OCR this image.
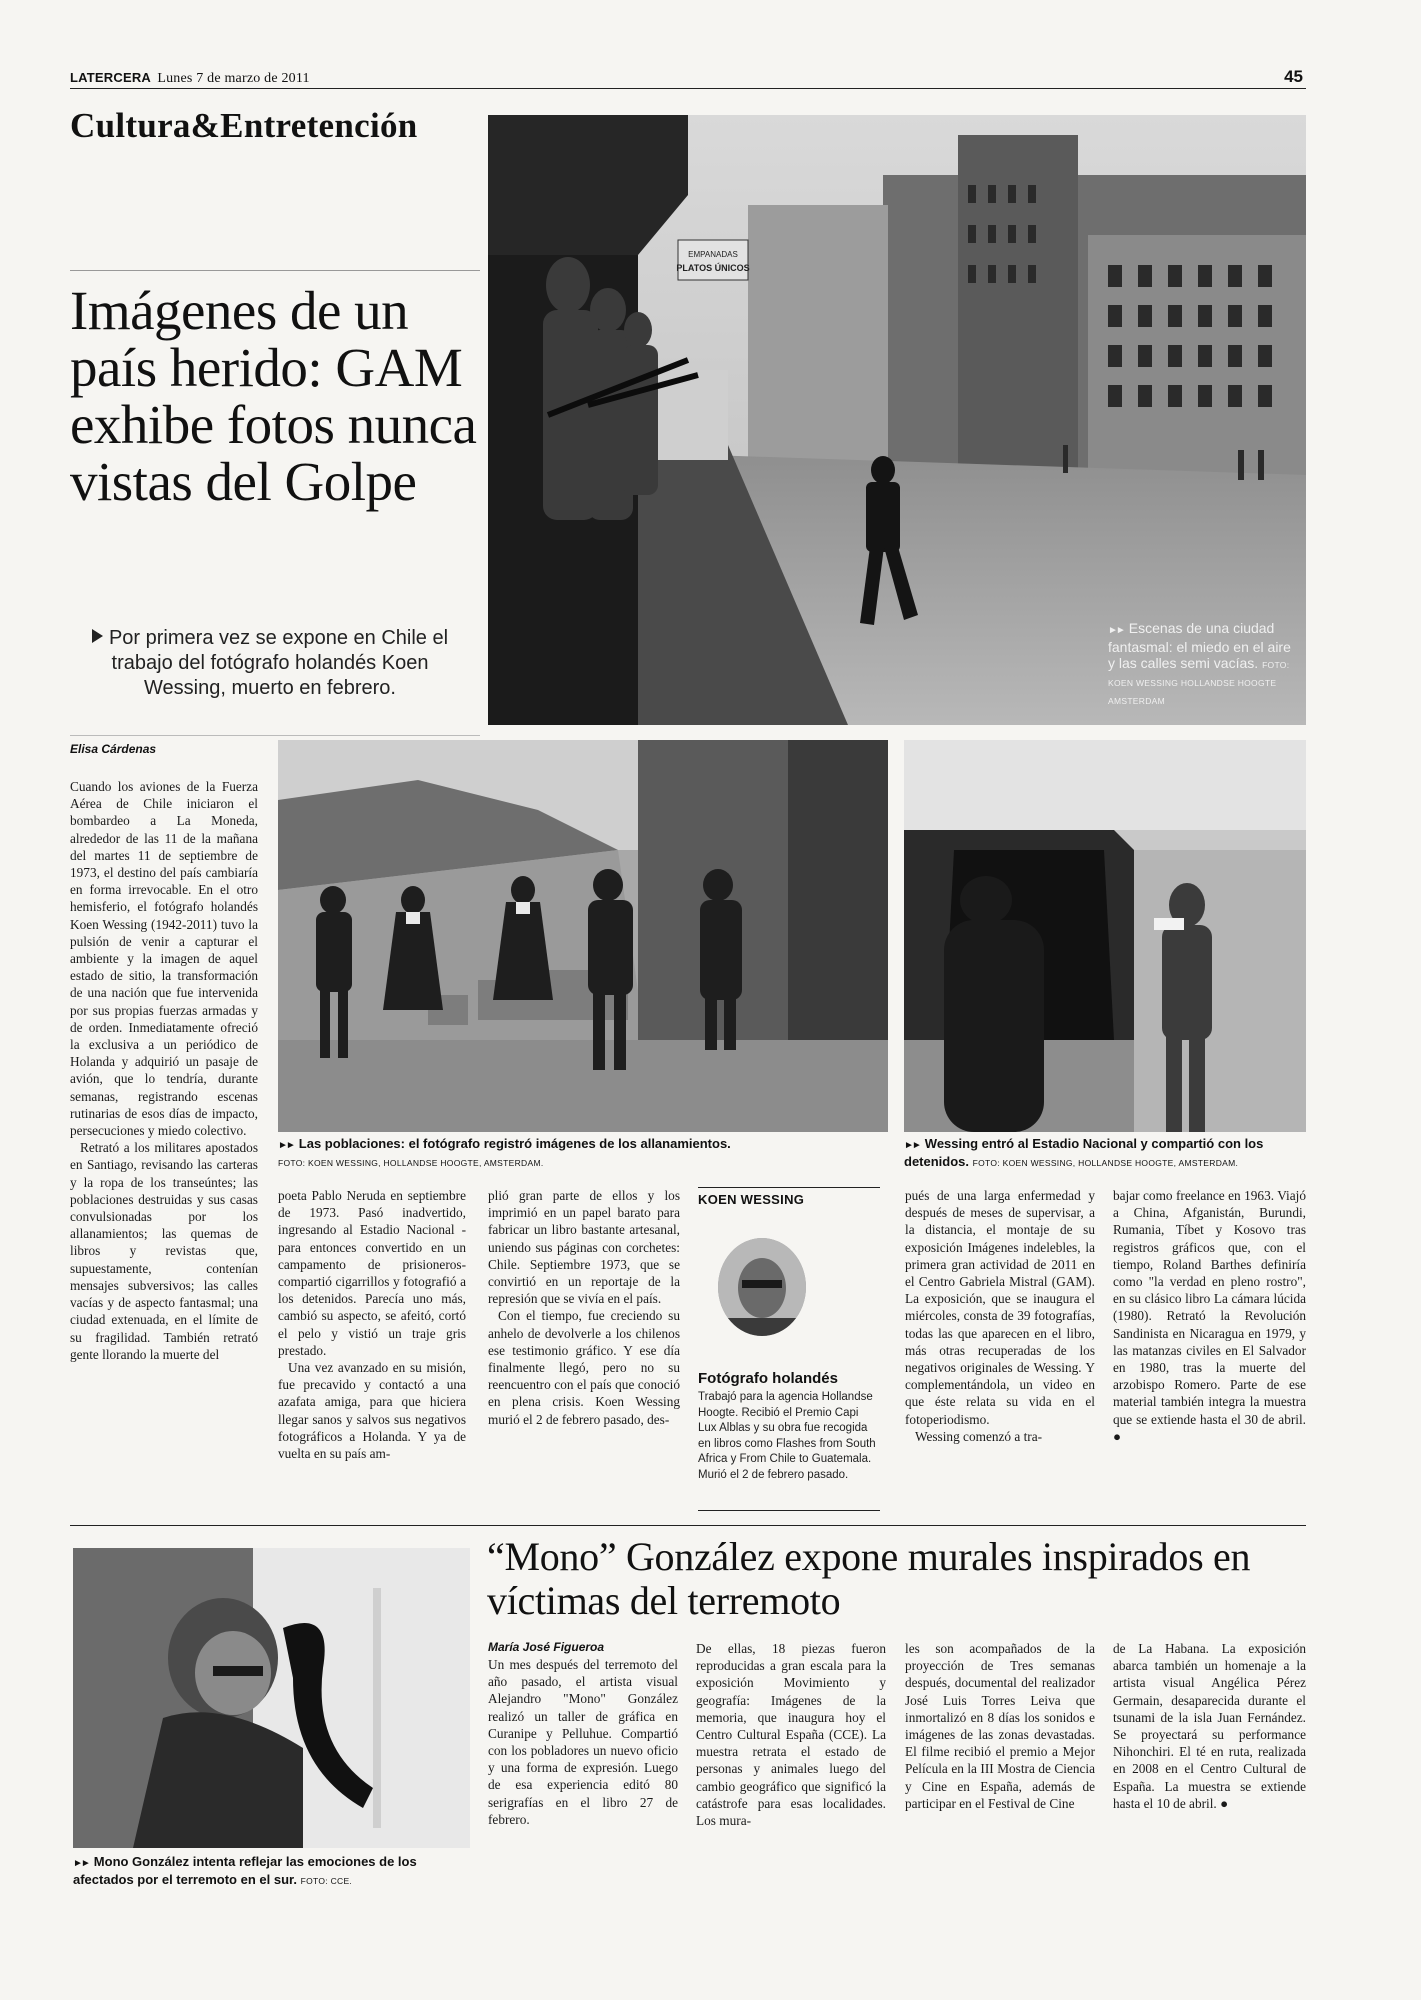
LATERCERA Lunes 7 de marzo de 2011	45
Cultura&Entretención
Imágenes de un país herido: GAM exhibe fotos nunca vistas del Golpe
Por primera vez se expone en Chile el trabajo del fotógrafo holandés Koen Wessing, muerto en febrero.
EMPANADAS
PLATOS ÚNICOS
►► Escenas de una ciudad fantasmal: el miedo en el aire y las calles semi vacías. FOTO: KOEN WESSING HOLLANDSE HOOGTE AMSTERDAM
Elisa Cárdenas

Cuando los aviones de la Fuerza Aérea de Chile iniciaron el bombardeo a La Moneda, alrededor de las 11 de la mañana del martes 11 de septiembre de 1973, el destino del país cambiaría en forma irrevocable. En el otro hemisferio, el fotógrafo holandés Koen Wessing (1942-2011) tuvo la pulsión de venir a capturar el ambiente y la imagen de aquel estado de sitio, la transformación de una nación que fue intervenida por sus propias fuerzas armadas y de orden. Inmediatamente ofreció la exclusiva a un periódico de Holanda y adquirió un pasaje de avión, que lo tendría, durante semanas, registrando escenas rutinarias de esos días de impacto, persecuciones y miedo colectivo.

Retrató a los militares apostados en Santiago, revisando las carteras y la ropa de los transeúntes; las poblaciones destruidas y sus casas convulsionadas por los allanamientos; las quemas de libros y revistas que, supuestamente, contenían mensajes subversivos; las calles vacías y de aspecto fantasmal; una ciudad extenuada, en el límite de su fragilidad. También retrató gente llorando la muerte del

►► Las poblaciones: el fotógrafo registró imágenes de los allanamientos.
FOTO: KOEN WESSING, HOLLANDSE HOOGTE, AMSTERDAM.
►► Wessing entró al Estadio Nacional y compartió con los detenidos. FOTO: KOEN WESSING, HOLLANDSE HOOGTE, AMSTERDAM.

poeta Pablo Neruda en septiembre de 1973. Pasó inadvertido, ingresando al Estadio Nacional -para entonces convertido en un campamento de prisioneros- compartió cigarrillos y fotografió a los detenidos. Parecía uno más, cambió su aspecto, se afeitó, cortó el pelo y vistió un traje gris prestado.

Una vez avanzado en su misión, fue precavido y contactó a una azafata amiga, para que hiciera llegar sanos y salvos sus negativos fotográficos a Holanda. Y ya de vuelta en su país am-

plió gran parte de ellos y los imprimió en un papel barato para fabricar un libro bastante artesanal, uniendo sus páginas con corchetes: Chile. Septiembre 1973, que se convirtió en un reportaje de la represión que se vivía en el país.

Con el tiempo, fue creciendo su anhelo de devolverle a los chilenos ese testimonio gráfico. Y ese día finalmente llegó, pero no su reencuentro con el país que conoció en plena crisis. Koen Wessing murió el 2 de febrero pasado, des-

KOEN WESSING
Fotógrafo holandés
Trabajó para la agencia Hollandse Hoogte. Recibió el Premio Capi Lux Alblas y su obra fue recogida en libros como Flashes from South Africa y From Chile to Guatemala. Murió el 2 de febrero pasado.

pués de una larga enfermedad y después de meses de supervisar, a la distancia, el montaje de su exposición Imágenes indelebles, la primera gran actividad de 2011 en el Centro Gabriela Mistral (GAM). La exposición, que se inaugura el miércoles, consta de 39 fotografías, todas las que aparecen en el libro, más otras recuperadas de los negativos originales de Wessing. Y complementándola, un video en que éste relata su vida en el fotoperiodismo.

Wessing comenzó a tra-

bajar como freelance en 1963. Viajó a China, Afganistán, Burundi, Rumania, Tíbet y Kosovo tras registros gráficos que, con el tiempo, Roland Barthes definiría como "la verdad en pleno rostro", en su clásico libro La cámara lúcida (1980). Retrató la Revolución Sandinista en Nicaragua en 1979, y las matanzas civiles en El Salvador en 1980, tras la muerte del arzobispo Romero. Parte de ese material también integra la muestra que se extiende hasta el 30 de abril. ●

►► Mono González intenta reflejar las emociones de los afectados por el terremoto en el sur. FOTO: CCE.
“Mono” González expone murales inspirados en víctimas del terremoto
María José Figueroa

Un mes después del terremoto del año pasado, el artista visual Alejandro "Mono" González realizó un taller de gráfica en Curanipe y Pelluhue. Compartió con los pobladores un nuevo oficio y una forma de expresión. Luego de esa experiencia editó 80 serigrafías en el libro 27 de febrero.

De ellas, 18 piezas fueron reproducidas a gran escala para la exposición Movimiento y geografía: Imágenes de la memoria, que inaugura hoy el Centro Cultural España (CCE). La muestra retrata el estado de personas y animales luego del cambio geográfico que significó la catástrofe para esas localidades. Los mura-

les son acompañados de la proyección de Tres semanas después, documental del realizador José Luis Torres Leiva que inmortalizó en 8 días los sonidos e imágenes de las zonas devastadas. El filme recibió el premio a Mejor Película en la III Mostra de Ciencia y Cine en España, además de participar en el Festival de Cine

de La Habana. La exposición abarca también un homenaje a la artista visual Angélica Pérez Germain, desaparecida durante el tsunami de la isla Juan Fernández. Se proyectará su performance Nihonchiri. El té en ruta, realizada en 2008 en el Centro Cultural de España. La muestra se extiende hasta el 10 de abril. ●
